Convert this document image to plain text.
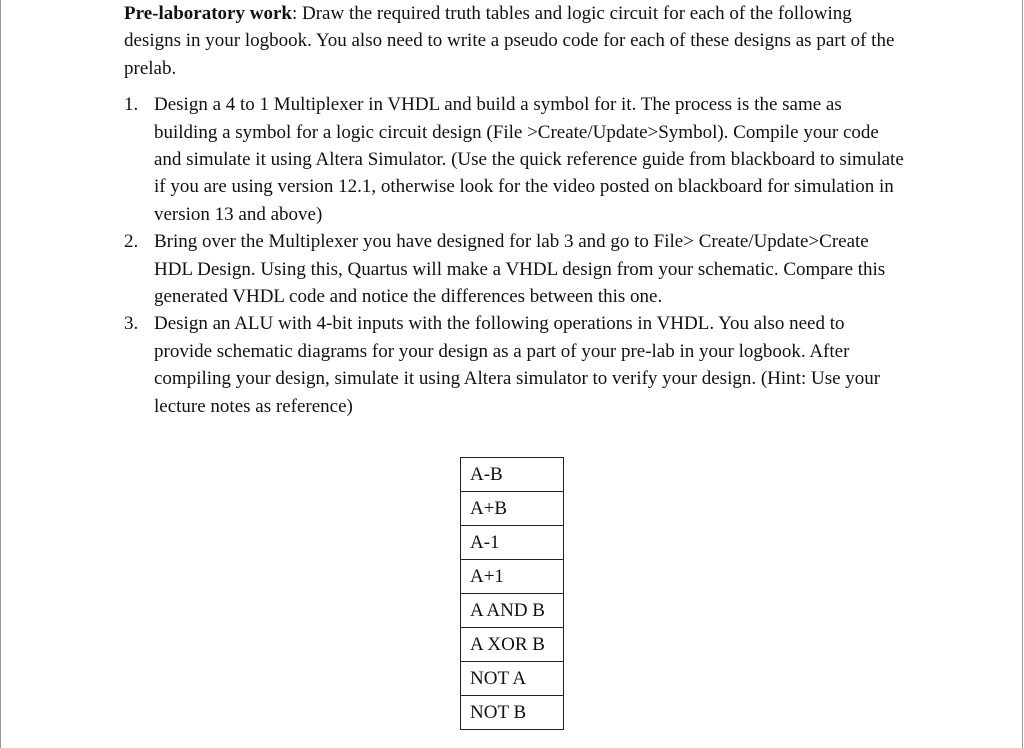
Pre-laboratory work: Draw the required truth tables and logic circuit for each of the following designs in your logbook. You also need to write a pseudo code for each of these designs as part of the prelab.

1. Design a 4 to 1 Multiplexer in VHDL and build a symbol for it. The process is the same as building a symbol for a logic circuit design (File >Create/Update>Symbol). Compile your code and simulate it using Altera Simulator. (Use the quick reference guide from blackboard to simulate if you are using version 12.1, otherwise look for the video posted on blackboard for simulation in version 13 and above)
2. Bring over the Multiplexer you have designed for lab 3 and go to File> Create/Update>Create HDL Design. Using this, Quartus will make a VHDL design from your schematic. Compare this generated VHDL code and notice the differences between this one.
3. Design an ALU with 4-bit inputs with the following operations in VHDL. You also need to provide schematic diagrams for your design as a part of your pre-lab in your logbook. After compiling your design, simulate it using Altera simulator to verify your design. (Hint: Use your lecture notes as reference)
A-B
A+B
A-1
A+1
A AND B
A XOR B
NOT A
NOT B
